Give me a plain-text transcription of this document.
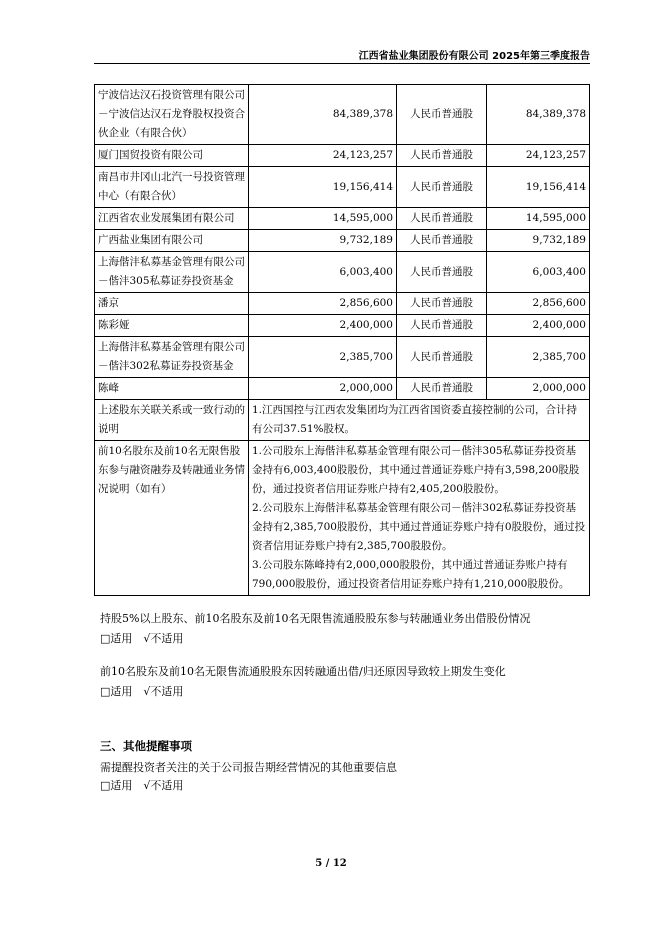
江西省盐业集团股份有限公司 2025年第三季度报告
宁波信达汉石投资管理有限公司－宁波信达汉石龙脊股权投资合伙企业（有限合伙）	84,389,378	人民币普通股	84,389,378
厦门国贸投资有限公司	24,123,257	人民币普通股	24,123,257
南昌市井冈山北汽一号投资管理中心（有限合伙）	19,156,414	人民币普通股	19,156,414
江西省农业发展集团有限公司	14,595,000	人民币普通股	14,595,000
广西盐业集团有限公司	9,732,189	人民币普通股	9,732,189
上海偕沣私募基金管理有限公司－偕沣305私募证券投资基金	6,003,400	人民币普通股	6,003,400
潘京	2,856,600	人民币普通股	2,856,600
陈彩娅	2,400,000	人民币普通股	2,400,000
上海偕沣私募基金管理有限公司－偕沣302私募证券投资基金	2,385,700	人民币普通股	2,385,700
陈峰	2,000,000	人民币普通股	2,000,000
上述股东关联关系或一致行动的说明	1.江西国控与江西农发集团均为江西省国资委直接控制的公司，合计持有公司37.51%股权。		
前10名股东及前10名无限售股东参与融资融券及转融通业务情况说明（如有）	1.公司股东上海偕沣私募基金管理有限公司－偕沣305私募证券投资基金持有6,003,400股股份，其中通过普通证券账户持有3,598,200股股份，通过投资者信用证券账户持有2,405,200股股份。
2.公司股东上海偕沣私募基金管理有限公司－偕沣302私募证券投资基金持有2,385,700股股份，其中通过普通证券账户持有0股股份，通过投资者信用证券账户持有2,385,700股股份。
3.公司股东陈峰持有2,000,000股股份，其中通过普通证券账户持有790,000股股份，通过投资者信用证券账户持有1,210,000股股份。		
持股5%以上股东、前10名股东及前10名无限售流通股股东参与转融通业务出借股份情况
□适用　√不适用
前10名股东及前10名无限售流通股股东因转融通出借/归还原因导致较上期发生变化
□适用　√不适用
三、其他提醒事项
需提醒投资者关注的关于公司报告期经营情况的其他重要信息
□适用　√不适用
5 / 12
